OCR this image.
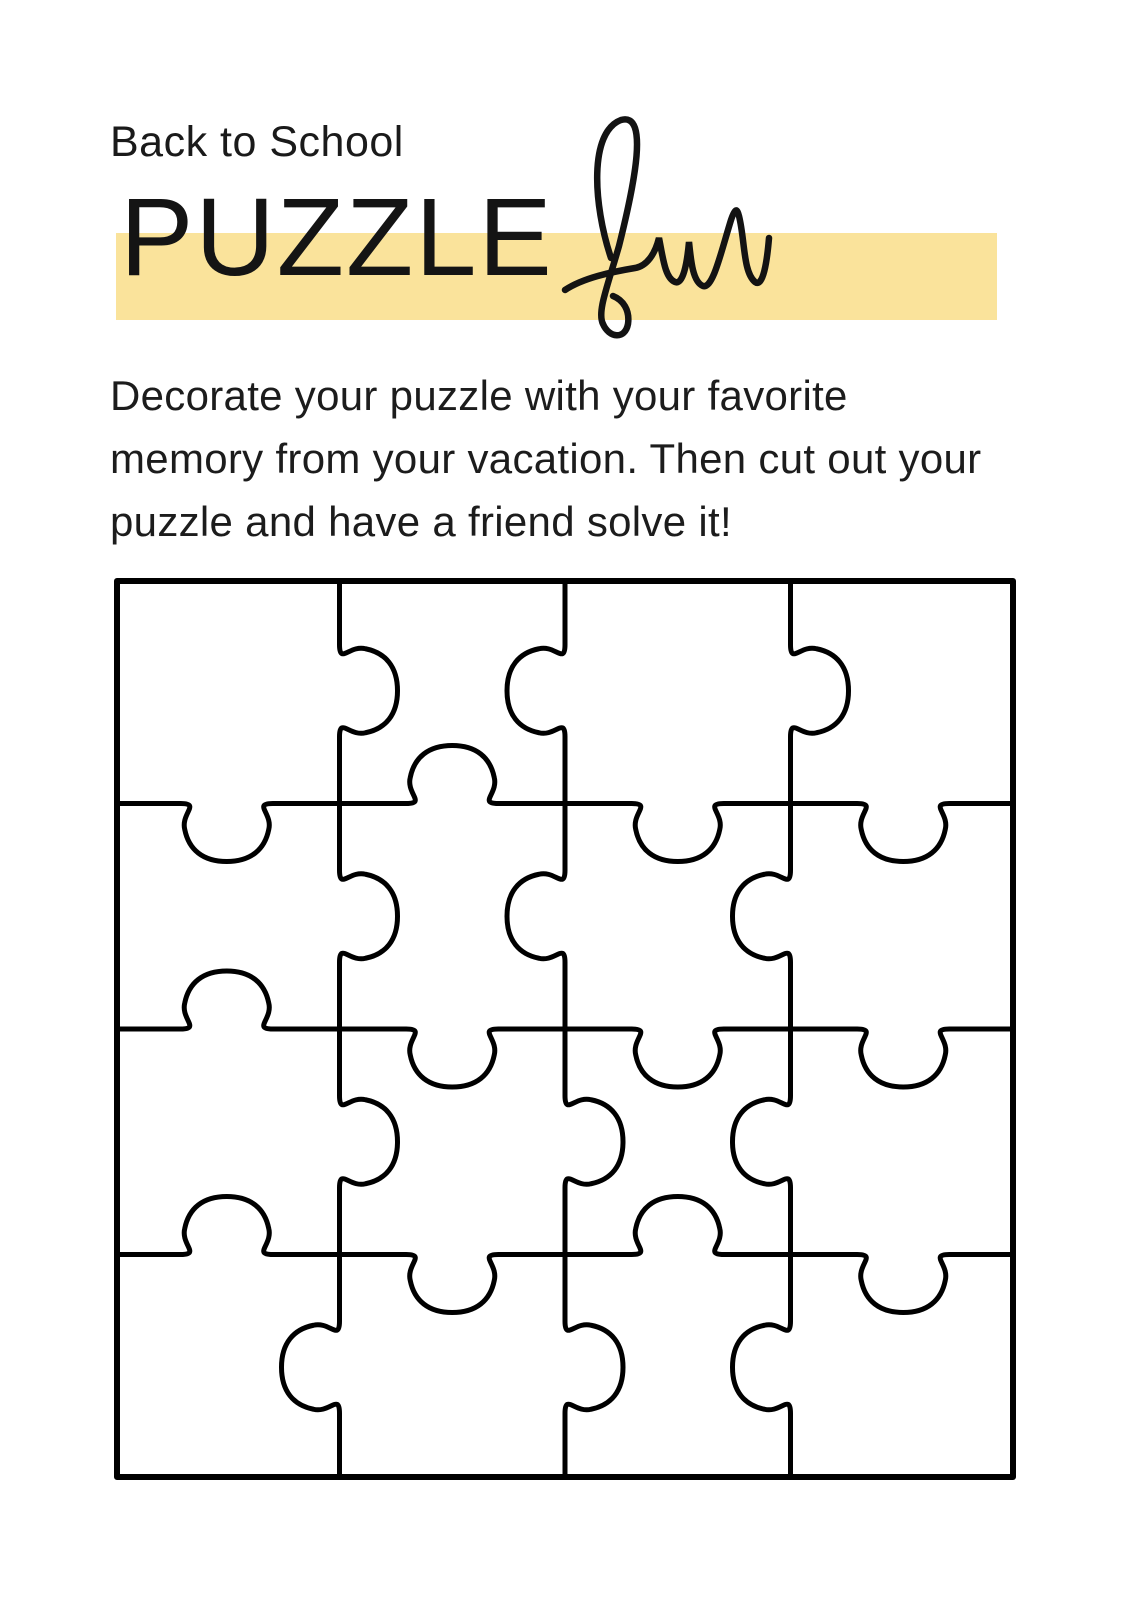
Back to School
PUZZLE
Decorate your puzzle with your favorite
memory from your vacation. Then cut out your
puzzle and have a friend solve it!
